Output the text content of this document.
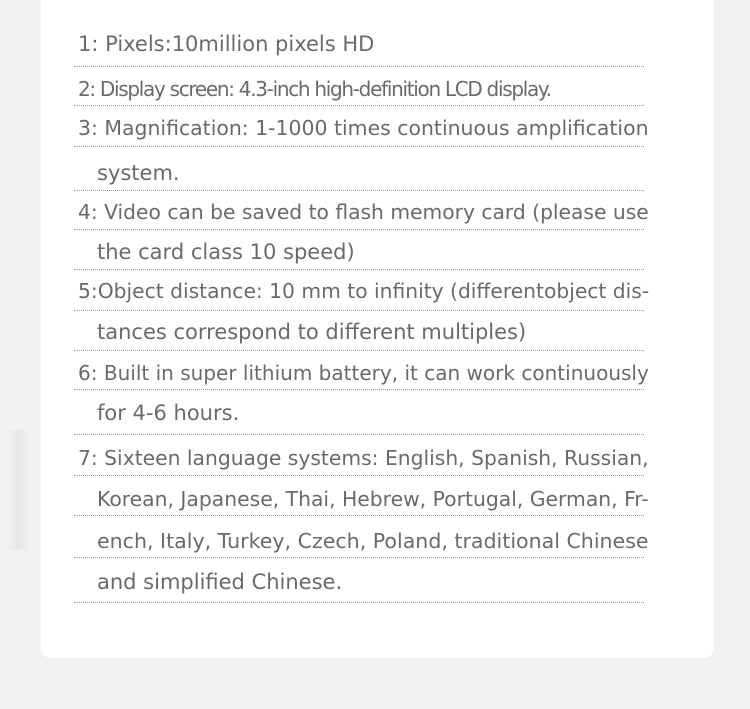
1: Pixels:10million pixels HD
2: Display screen: 4.3-inch high-definition LCD display.
3: Magnification: 1-1000 times continuous amplification
system.
4: Video can be saved to flash memory card (please use
the card class 10 speed)
5:Object distance: 10 mm to infinity (differentobject dis-
tances correspond to different multiples)
6: Built in super lithium battery, it can work continuously
for 4-6 hours.
7: Sixteen language systems: English, Spanish, Russian,
Korean, Japanese, Thai, Hebrew, Portugal, German, Fr-
ench, Italy, Turkey, Czech, Poland, traditional Chinese
and simplified Chinese.
